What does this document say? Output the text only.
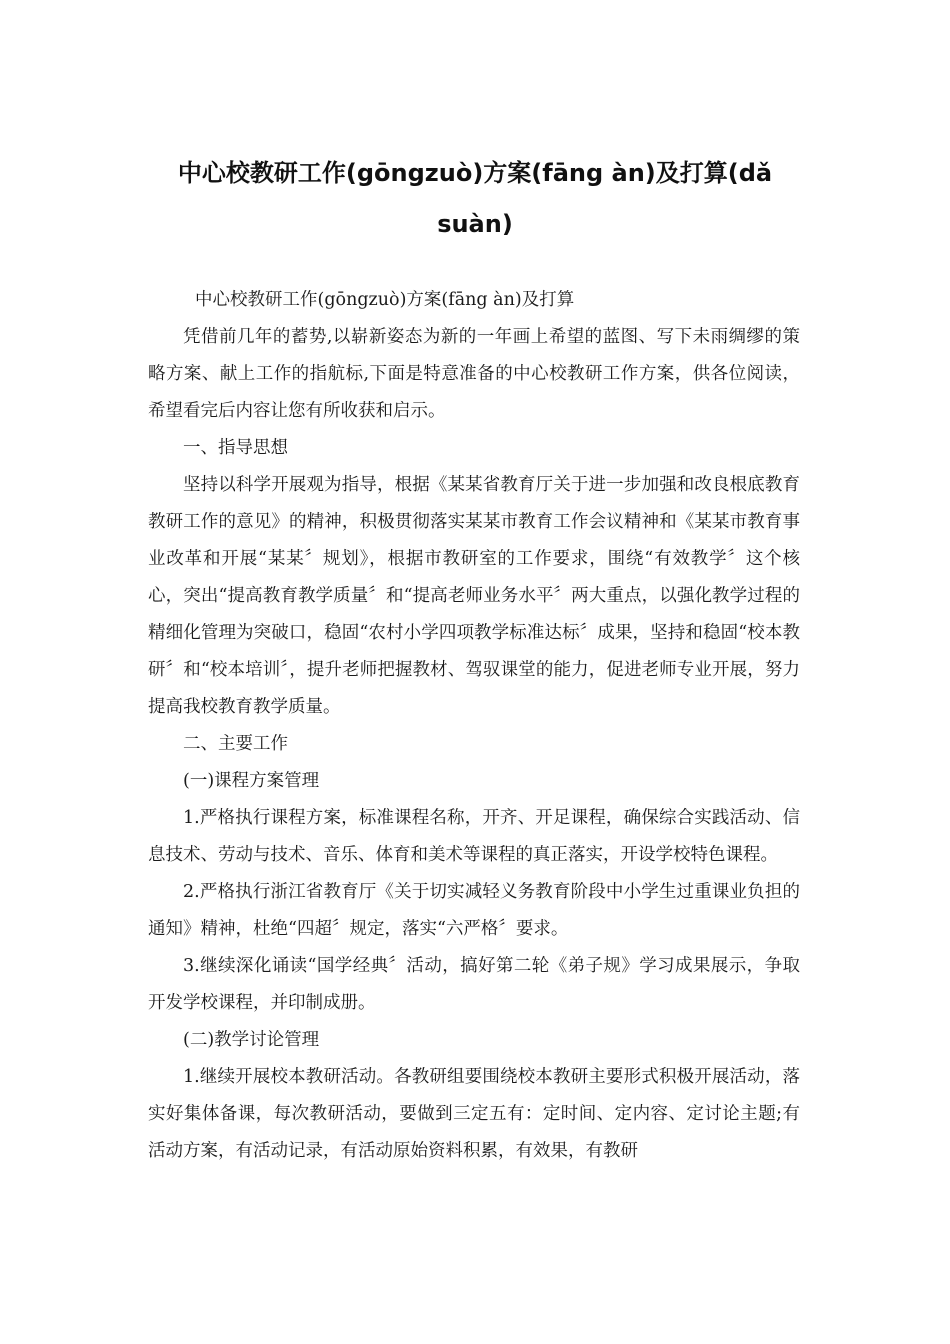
中心校教研工作(gōngzuò)方案(fāng àn)及打算(dǎ suàn)

中心校教研工作(gōngzuò)方案(fāng àn)及打算

凭借前几年的蓄势,以崭新姿态为新的一年画上希望的蓝图、写下未雨绸缪的策略方案、献上工作的指航标,下面是特意准备的中心校教研工作方案，供各位阅读，希望看完后内容让您有所收获和启示。

一、指导思想

坚持以科学开展观为指导，根据《某某省教育厅关于进一步加强和改良根底教育教研工作的意见》的精神，积极贯彻落实某某市教育工作会议精神和《某某市教育事业改革和开展“某某〞规划》，根据市教研室的工作要求，围绕“有效教学〞这个核心，突出“提高教育教学质量〞和“提高老师业务水平〞两大重点，以强化教学过程的精细化管理为突破口，稳固“农村小学四项教学标准达标〞成果，坚持和稳固“校本教研〞和“校本培训〞，提升老师把握教材、驾驭课堂的能力，促进老师专业开展，努力提高我校教育教学质量。

二、主要工作

(一)课程方案管理

1.严格执行课程方案，标准课程名称，开齐、开足课程，确保综合实践活动、信息技术、劳动与技术、音乐、体育和美术等课程的真正落实，开设学校特色课程。

2.严格执行浙江省教育厅《关于切实减轻义务教育阶段中小学生过重课业负担的通知》精神，杜绝“四超〞规定，落实“六严格〞要求。

3.继续深化诵读“国学经典〞活动，搞好第二轮《弟子规》学习成果展示，争取开发学校课程，并印制成册。

(二)教学讨论管理

1.继续开展校本教研活动。各教研组要围绕校本教研主要形式积极开展活动，落实好集体备课，每次教研活动，要做到三定五有：定时间、定内容、定讨论主题;有活动方案，有活动记录，有活动原始资料积累，有效果，有教研
